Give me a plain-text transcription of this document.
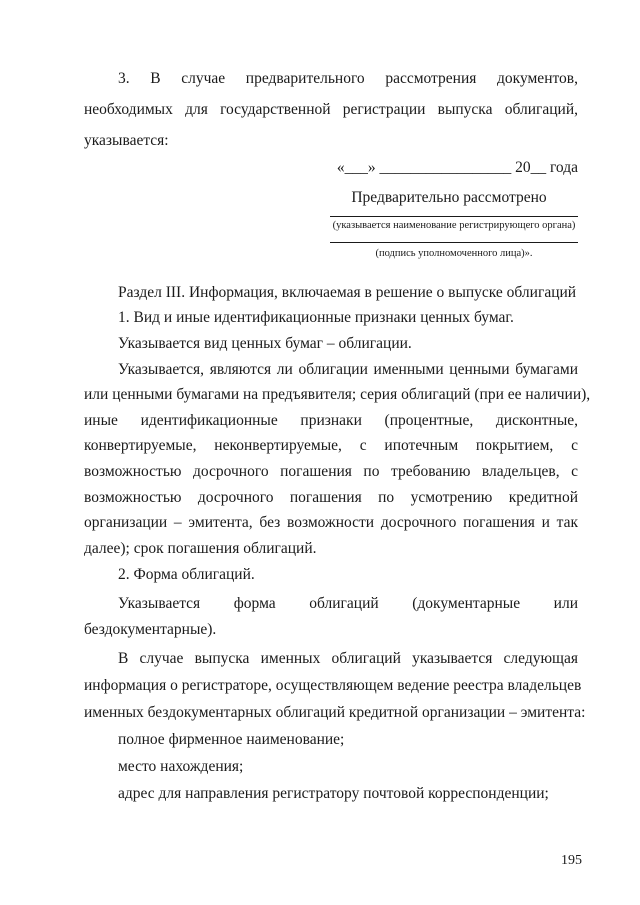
3. В случае предварительного рассмотрения документов,
необходимых для государственной регистрации выпуска облигаций,
указывается:
«___» _________________ 20__ года
Предварительно рассмотрено
(указывается наименование регистрирующего органа)
(подпись уполномоченного лица)».
Раздел III. Информация, включаемая в решение о выпуске облигаций
1. Вид и иные идентификационные признаки ценных бумаг.
Указывается вид ценных бумаг – облигации.
Указывается, являются ли облигации именными ценными бумагами
или ценными бумагами на предъявителя; серия облигаций (при ее наличии),
иные идентификационные признаки (процентные, дисконтные,
конвертируемые, неконвертируемые, с ипотечным покрытием, с
возможностью досрочного погашения по требованию владельцев, с
возможностью досрочного погашения по усмотрению кредитной
организации – эмитента, без возможности досрочного погашения и так
далее); срок погашения облигаций.
2. Форма облигаций.
Указывается форма облигаций (документарные или
бездокументарные).
В случае выпуска именных облигаций указывается следующая
информация о регистраторе, осуществляющем ведение реестра владельцев
именных бездокументарных облигаций кредитной организации – эмитента:
полное фирменное наименование;
место нахождения;
адрес для направления регистратору почтовой корреспонденции;
195
